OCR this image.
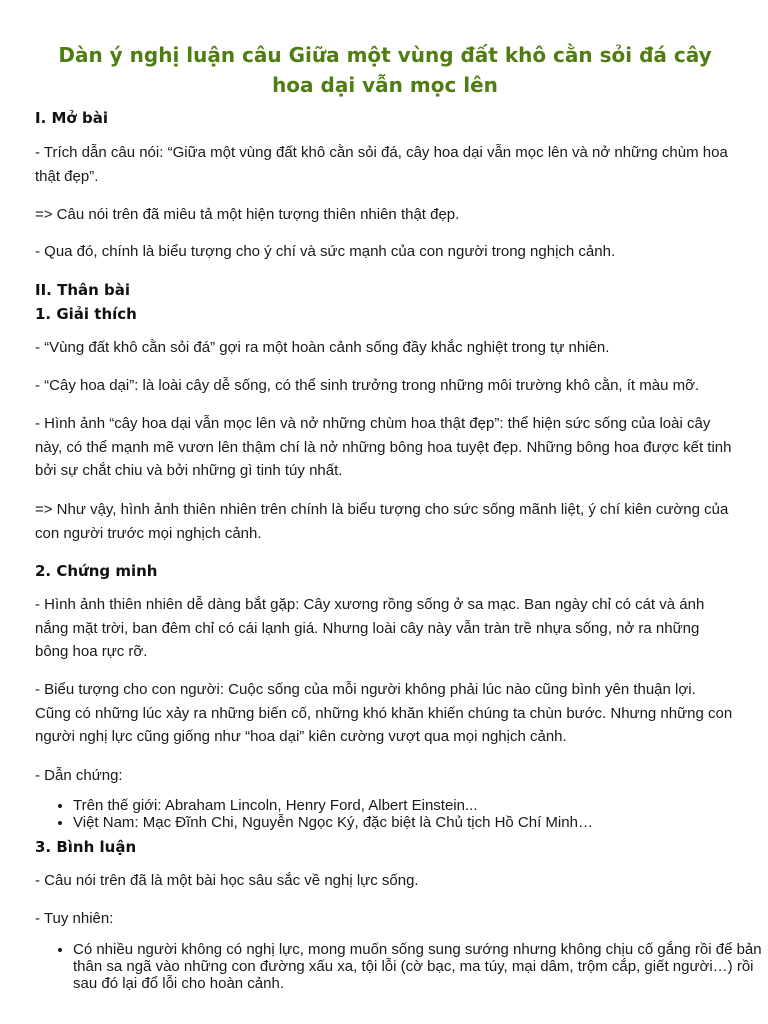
Dàn ý nghị luận câu Giữa một vùng đất khô cằn sỏi đá cây hoa dại vẫn mọc lên
I. Mở bài

- Trích dẫn câu nói: “Giữa một vùng đất khô cằn sỏi đá, cây hoa dại vẫn mọc lên và nở những chùm hoa thật đẹp”.

=> Câu nói trên đã miêu tả một hiện tượng thiên nhiên thật đẹp.

- Qua đó, chính là biểu tượng cho ý chí và sức mạnh của con người trong nghịch cảnh.

II. Thân bài
1. Giải thích

- “Vùng đất khô cằn sỏi đá” gợi ra một hoàn cảnh sống đầy khắc nghiệt trong tự nhiên.

- “Cây hoa dại”: là loài cây dễ sống, có thể sinh trưởng trong những môi trường khô cằn, ít màu mỡ.

- Hình ảnh “cây hoa dại vẫn mọc lên và nở những chùm hoa thật đẹp”: thể hiện sức sống của loài cây này, có thể mạnh mẽ vươn lên thậm chí là nở những bông hoa tuyệt đẹp. Những bông hoa được kết tinh bởi sự chắt chiu và bởi những gì tinh túy nhất.

=> Như vậy, hình ảnh thiên nhiên trên chính là biểu tượng cho sức sống mãnh liệt, ý chí kiên cường của con người trước mọi nghịch cảnh.

2. Chứng minh

- Hình ảnh thiên nhiên dễ dàng bắt gặp: Cây xương rồng sống ở sa mạc. Ban ngày chỉ có cát và ánh nắng mặt trời, ban đêm chỉ có cái lạnh giá. Nhưng loài cây này vẫn tràn trề nhựa sống, nở ra những bông hoa rực rỡ.

- Biểu tượng cho con người: Cuộc sống của mỗi người không phải lúc nào cũng bình yên thuận lợi. Cũng có những lúc xảy ra những biến cố, những khó khăn khiến chúng ta chùn bước. Nhưng những con người nghị lực cũng giống như “hoa dại” kiên cường vượt qua mọi nghịch cảnh.

- Dẫn chứng:

• Trên thế giới: Abraham Lincoln, Henry Ford, Albert Einstein...
• Việt Nam: Mạc Đĩnh Chi, Nguyễn Ngọc Ký, đặc biệt là Chủ tịch Hồ Chí Minh…
3. Bình luận

- Câu nói trên đã là một bài học sâu sắc về nghị lực sống.

- Tuy nhiên:

• Có nhiều người không có nghị lực, mong muốn sống sung sướng nhưng không chịu cố gắng rồi để bản thân sa ngã vào những con đường xấu xa, tội lỗi (cờ bạc, ma túy, mại dâm, trộm cắp, giết người…) rồi sau đó lại đổ lỗi cho hoàn cảnh.
